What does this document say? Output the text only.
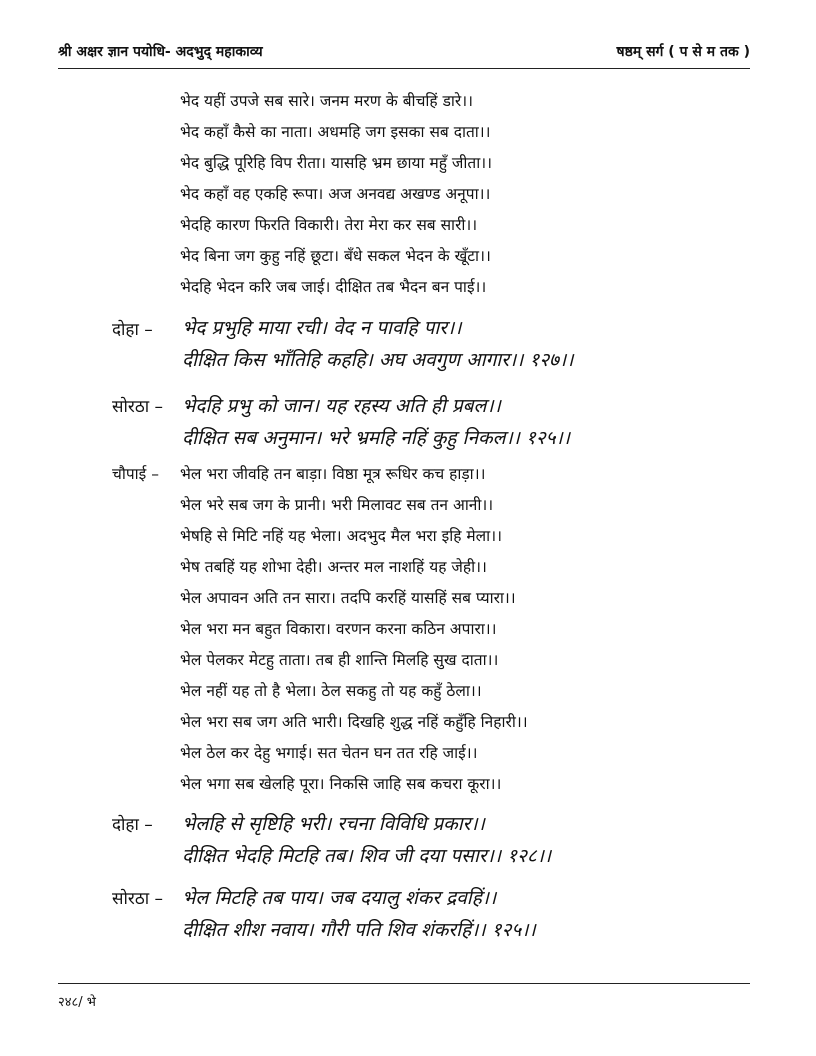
श्री अक्षर ज्ञान पयोधि- अदभुद् महाकाव्य	षष्ठम् सर्ग ( प से म तक )
भेद यहीं उपजे सब सारे। जनम मरण के बीचहिं डारे।।
भेद कहाँ कैसे का नाता। अधमहि जग इसका सब दाता।।
भेद बुद्धि पूरिहि विप रीता। यासहि भ्रम छाया महुँ जीता।।
भेद कहाँ वह एकहि रूपा। अज अनवद्य अखण्ड अनूपा।।
भेदहि कारण फिरति विकारी। तेरा मेरा कर सब सारी।।
भेद बिना जग कुहु नहिं छूटा। बँधे सकल भेदन के खूँटा।।
भेदहि भेदन करि जब जाई। दीक्षित तब भैदन बन पाई।।
दोहा – भेद प्रभुहि माया रची। वेद न पावहि पार।।
दीक्षित किस भाँतिहि कहहि। अघ अवगुण आगार।। १२७।।
सोरठा – भेदहि प्रभु को जान। यह रहस्य अति ही प्रबल।।
दीक्षित सब अनुमान। भरे भ्रमहि नहिं कुहु निकल।। १२५।।
चौपाई – भेल भरा जीवहि तन बाड़ा। विष्ठा मूत्र रूधिर कच हाड़ा।।
भेल भरे सब जग के प्रानी। भरी मिलावट सब तन आनी।।
भेषहि से मिटि नहिं यह भेला। अदभुद मैल भरा इहि मेला।।
भेष तबहिं यह शोभा देही। अन्तर मल नाशहिं यह जेही।।
भेल अपावन अति तन सारा। तदपि करहिं यासहिं सब प्यारा।।
भेल भरा मन बहुत विकारा। वरणन करना कठिन अपारा।।
भेल पेलकर मेटहु ताता। तब ही शान्ति मिलहि सुख दाता।।
भेल नहीं यह तो है भेला। ठेल सकहु तो यह कहुँ ठेला।।
भेल भरा सब जग अति भारी। दिखहि शुद्ध नहिं कहुँहि निहारी।।
भेल ठेल कर देहु भगाई। सत चेतन घन तत रहि जाई।।
भेल भगा सब खेलहि पूरा। निकसि जाहि सब कचरा कूरा।।
दोहा – भेलहि से सृष्टिहि भरी। रचना विविधि प्रकार।।
दीक्षित भेदहि मिटहि तब। शिव जी दया पसार।। १२८।।
सोरठा – भेल मिटहि तब पाय। जब दयालु शंकर द्रवहिं।।
दीक्षित शीश नवाय। गौरी पति शिव शंकरहिं।। १२५।।
२४८/ भे
